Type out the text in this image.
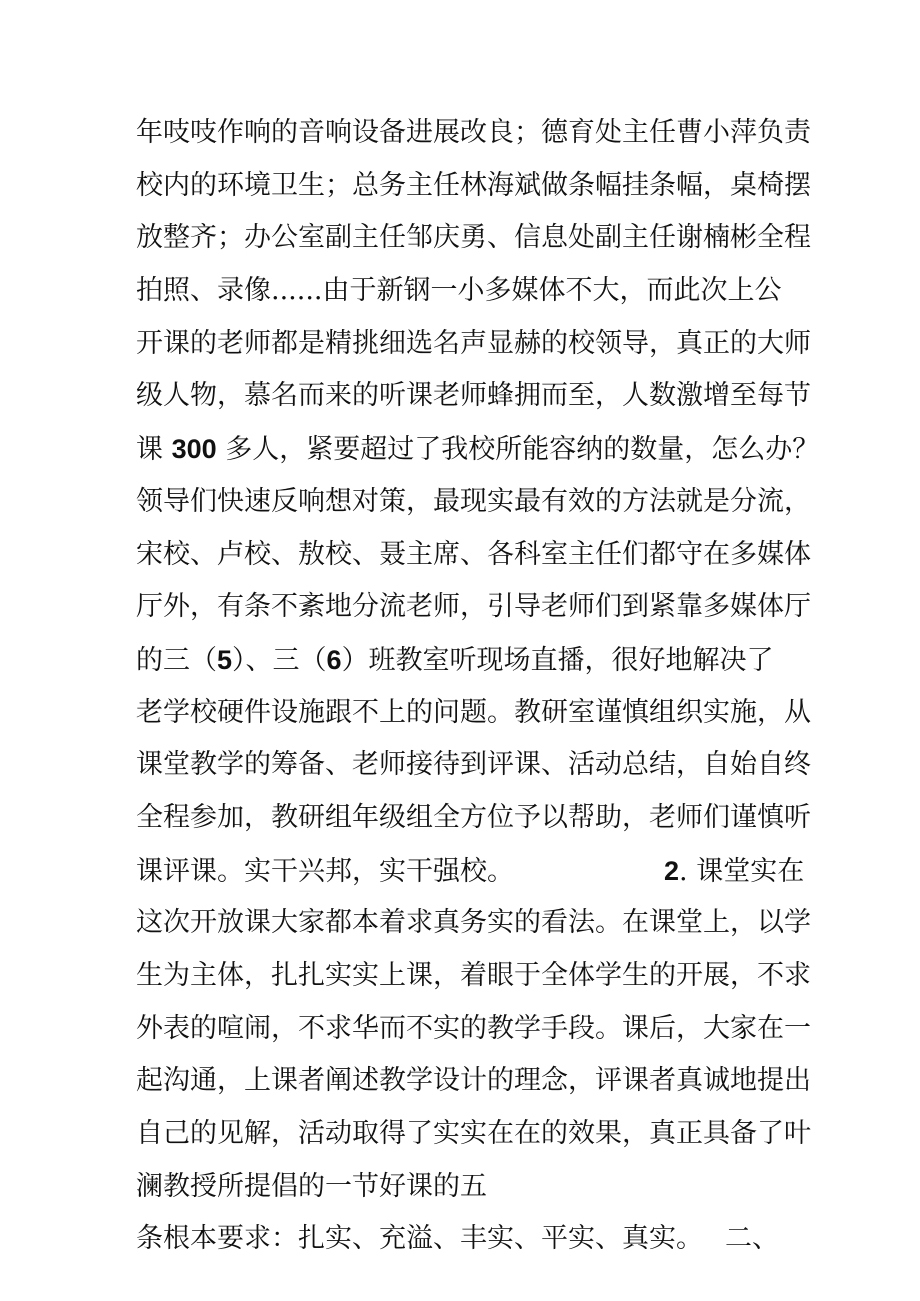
年吱吱作响的音响设备进展改良；德育处主任曹小萍负责
校内的环境卫生；总务主任林海斌做条幅挂条幅，桌椅摆
放整齐；办公室副主任邹庆勇、信息处副主任谢楠彬全程
拍照、录像......由于新钢一小多媒体不大，而此次上公
开课的老师都是精挑细选名声显赫的校领导，真正的大师
级人物，慕名而来的听课老师蜂拥而至，人数激增至每节
课 300 多人，紧要超过了我校所能容纳的数量，怎么办？
领导们快速反响想对策，最现实最有效的方法就是分流，
宋校、卢校、敖校、聂主席、各科室主任们都守在多媒体
厅外，有条不紊地分流老师，引导老师们到紧靠多媒体厅
的三（5）、三（6）班教室听现场直播，很好地解决了
老学校硬件设施跟不上的问题。教研室谨慎组织实施，从
课堂教学的筹备、老师接待到评课、活动总结，自始自终
全程参加，教研组年级组全方位予以帮助，老师们谨慎听
课评课。实干兴邦，实干强校。	2. 课堂实在
这次开放课大家都本着求真务实的看法。在课堂上，以学
生为主体，扎扎实实上课，着眼于全体学生的开展，不求
外表的喧闹，不求华而不实的教学手段。课后，大家在一
起沟通，上课者阐述教学设计的理念，评课者真诚地提出
自己的见解，活动取得了实实在在的效果，真正具备了叶
澜教授所提倡的一节好课的五
条根本要求：扎实、充溢、丰实、平实、真实。 二、
